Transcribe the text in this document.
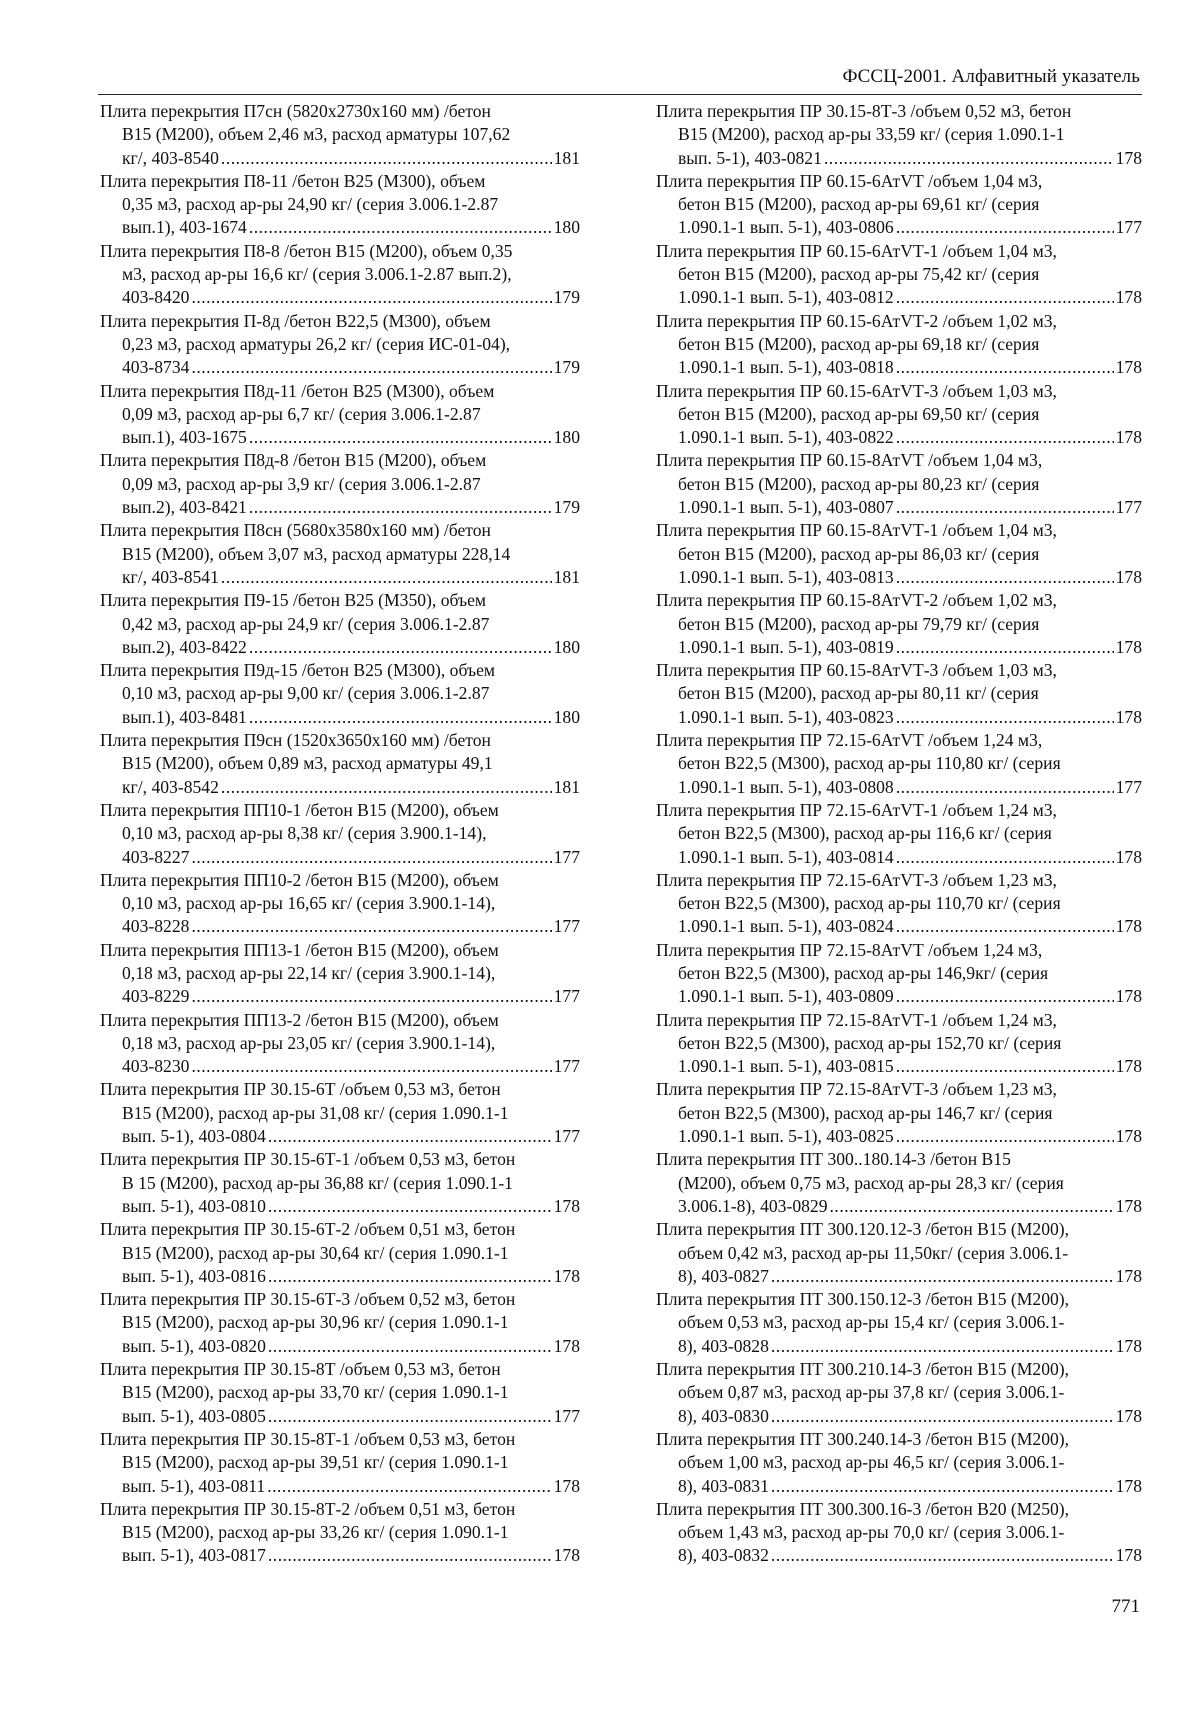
ФССЦ-2001. Алфавитный указатель
Плита перекрытия П7сн (5820x2730x160 мм) /бетон
В15 (М200), объем 2,46 м3, расход арматуры 107,62
кг/, 403-8540 .....	181
Плита перекрытия П8-11 /бетон В25 (М300), объем
0,35 м3, расход ар-ры 24,90 кг/ (серия 3.006.1-2.87
вып.1), 403-1674 .....	180
Плита перекрытия П8-8 /бетон В15 (М200), объем 0,35
м3, расход ар-ры 16,6 кг/ (серия 3.006.1-2.87 вып.2),
403-8420 .....	179
Плита перекрытия П-8д /бетон В22,5 (М300), объем
0,23 м3, расход арматуры 26,2 кг/ (серия ИС-01-04),
403-8734 .....	179
Плита перекрытия П8д-11 /бетон В25 (М300), объем
0,09 м3, расход ар-ры 6,7 кг/ (серия 3.006.1-2.87
вып.1), 403-1675 .....	180
Плита перекрытия П8д-8 /бетон В15 (М200), объем
0,09 м3, расход ар-ры 3,9 кг/ (серия 3.006.1-2.87
вып.2), 403-8421 .....	179
Плита перекрытия П8сн (5680x3580x160 мм) /бетон
В15 (М200), объем 3,07 м3, расход арматуры 228,14
кг/, 403-8541 .....	181
Плита перекрытия П9-15 /бетон В25 (М350), объем
0,42 м3, расход ар-ры 24,9 кг/ (серия 3.006.1-2.87
вып.2), 403-8422 .....	180
Плита перекрытия П9д-15 /бетон В25 (М300), объем
0,10 м3, расход ар-ры 9,00 кг/ (серия 3.006.1-2.87
вып.1), 403-8481 .....	180
Плита перекрытия П9сн (1520x3650x160 мм) /бетон
В15 (М200), объем 0,89 м3, расход арматуры 49,1
кг/, 403-8542 .....	181
Плита перекрытия ПП10-1 /бетон В15 (М200), объем
0,10 м3, расход ар-ры 8,38 кг/ (серия 3.900.1-14),
403-8227 .....	177
Плита перекрытия ПП10-2 /бетон В15 (М200), объем
0,10 м3, расход ар-ры 16,65 кг/ (серия 3.900.1-14),
403-8228 .....	177
Плита перекрытия ПП13-1 /бетон В15 (М200), объем
0,18 м3, расход ар-ры 22,14 кг/ (серия 3.900.1-14),
403-8229 .....	177
Плита перекрытия ПП13-2 /бетон В15 (М200), объем
0,18 м3, расход ар-ры 23,05 кг/ (серия 3.900.1-14),
403-8230 .....	177
Плита перекрытия ПР 30.15-6Т /объем 0,53 м3, бетон
В15 (М200), расход ар-ры 31,08 кг/ (серия 1.090.1-1
вып. 5-1), 403-0804 .....	177
Плита перекрытия ПР 30.15-6Т-1 /объем 0,53 м3, бетон
В 15 (М200), расход ар-ры 36,88 кг/ (серия 1.090.1-1
вып. 5-1), 403-0810 .....	178
Плита перекрытия ПР 30.15-6Т-2 /объем 0,51 м3, бетон
В15 (М200), расход ар-ры 30,64 кг/ (серия 1.090.1-1
вып. 5-1), 403-0816 .....	178
Плита перекрытия ПР 30.15-6Т-3 /объем 0,52 м3, бетон
В15 (М200), расход ар-ры 30,96 кг/ (серия 1.090.1-1
вып. 5-1), 403-0820 .....	178
Плита перекрытия ПР 30.15-8Т /объем 0,53 м3, бетон
В15 (М200), расход ар-ры 33,70 кг/ (серия 1.090.1-1
вып. 5-1), 403-0805 .....	177
Плита перекрытия ПР 30.15-8Т-1 /объем 0,53 м3, бетон
В15 (М200), расход ар-ры 39,51 кг/ (серия 1.090.1-1
вып. 5-1), 403-0811 .....	178
Плита перекрытия ПР 30.15-8Т-2 /объем 0,51 м3, бетон
В15 (М200), расход ар-ры 33,26 кг/ (серия 1.090.1-1
вып. 5-1), 403-0817 .....	178
Плита перекрытия ПР 30.15-8Т-3 /объем 0,52 м3, бетон
В15 (М200), расход ар-ры 33,59 кг/ (серия 1.090.1-1
вып. 5-1), 403-0821 .....	178
Плита перекрытия ПР 60.15-6АтVТ /объем 1,04 м3,
бетон В15 (М200), расход ар-ры 69,61 кг/ (серия
1.090.1-1 вып. 5-1), 403-0806 .....	177
Плита перекрытия ПР 60.15-6АтVТ-1 /объем 1,04 м3,
бетон В15 (М200), расход ар-ры 75,42 кг/ (серия
1.090.1-1 вып. 5-1), 403-0812 .....	178
Плита перекрытия ПР 60.15-6АтVТ-2 /объем 1,02 м3,
бетон В15 (М200), расход ар-ры 69,18 кг/ (серия
1.090.1-1 вып. 5-1), 403-0818 .....	178
Плита перекрытия ПР 60.15-6АтVТ-3 /объем 1,03 м3,
бетон В15 (М200), расход ар-ры 69,50 кг/ (серия
1.090.1-1 вып. 5-1), 403-0822 .....	178
Плита перекрытия ПР 60.15-8АтVТ /объем 1,04 м3,
бетон В15 (М200), расход ар-ры 80,23 кг/ (серия
1.090.1-1 вып. 5-1), 403-0807 .....	177
Плита перекрытия ПР 60.15-8АтVТ-1 /объем 1,04 м3,
бетон В15 (М200), расход ар-ры 86,03 кг/ (серия
1.090.1-1 вып. 5-1), 403-0813 .....	178
Плита перекрытия ПР 60.15-8АтVТ-2 /объем 1,02 м3,
бетон В15 (М200), расход ар-ры 79,79 кг/ (серия
1.090.1-1 вып. 5-1), 403-0819 .....	178
Плита перекрытия ПР 60.15-8АтVТ-3 /объем 1,03 м3,
бетон В15 (М200), расход ар-ры 80,11 кг/ (серия
1.090.1-1 вып. 5-1), 403-0823 .....	178
Плита перекрытия ПР 72.15-6АтVТ /объем 1,24 м3,
бетон В22,5 (М300), расход ар-ры 110,80 кг/ (серия
1.090.1-1 вып. 5-1), 403-0808 .....	177
Плита перекрытия ПР 72.15-6АтVТ-1 /объем 1,24 м3,
бетон В22,5 (М300), расход ар-ры 116,6 кг/ (серия
1.090.1-1 вып. 5-1), 403-0814 .....	178
Плита перекрытия ПР 72.15-6АтVТ-3 /объем 1,23 м3,
бетон В22,5 (М300), расход ар-ры 110,70 кг/ (серия
1.090.1-1 вып. 5-1), 403-0824 .....	178
Плита перекрытия ПР 72.15-8АтVТ /объем 1,24 м3,
бетон В22,5 (М300), расход ар-ры 146,9кг/ (серия
1.090.1-1 вып. 5-1), 403-0809 .....	178
Плита перекрытия ПР 72.15-8АтVТ-1 /объем 1,24 м3,
бетон В22,5 (М300), расход ар-ры 152,70 кг/ (серия
1.090.1-1 вып. 5-1), 403-0815 .....	178
Плита перекрытия ПР 72.15-8АтVТ-3 /объем 1,23 м3,
бетон В22,5 (М300), расход ар-ры 146,7 кг/ (серия
1.090.1-1 вып. 5-1), 403-0825 .....	178
Плита перекрытия ПТ 300..180.14-3 /бетон В15
(М200), объем 0,75 м3, расход ар-ры 28,3 кг/ (серия
3.006.1-8), 403-0829 .....	178
Плита перекрытия ПТ 300.120.12-3 /бетон В15 (М200),
объем 0,42 м3, расход ар-ры 11,50кг/ (серия 3.006.1-
8), 403-0827 .....	178
Плита перекрытия ПТ 300.150.12-3 /бетон В15 (М200),
объем 0,53 м3, расход ар-ры 15,4 кг/ (серия 3.006.1-
8), 403-0828 .....	178
Плита перекрытия ПТ 300.210.14-3 /бетон В15 (М200),
объем 0,87 м3, расход ар-ры 37,8 кг/ (серия 3.006.1-
8), 403-0830 .....	178
Плита перекрытия ПТ 300.240.14-3 /бетон В15 (М200),
объем 1,00 м3, расход ар-ры 46,5 кг/ (серия 3.006.1-
8), 403-0831 .....	178
Плита перекрытия ПТ 300.300.16-3 /бетон В20 (М250),
объем 1,43 м3, расход ар-ры 70,0 кг/ (серия 3.006.1-
8), 403-0832 .....	178
771
